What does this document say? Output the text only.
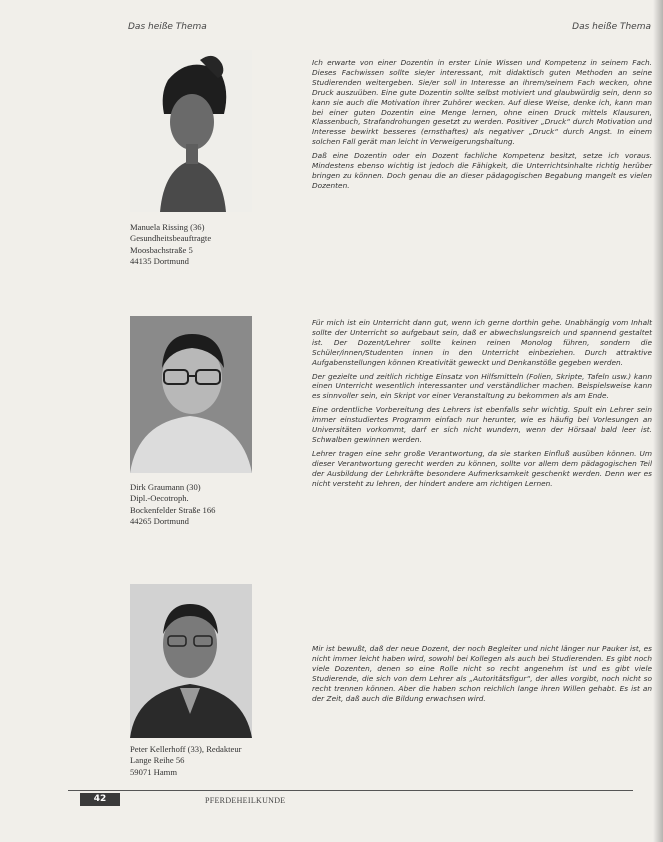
Das heiße Thema	Das heiße Thema
Manuela Rissing (36)
Gesundheitsbeauftragte
Moosbachstraße 5
44135 Dortmund

Ich erwarte von einer Dozentin in erster Linie Wissen und Kompetenz in seinem Fach. Dieses Fachwissen sollte sie/er interessant, mit didaktisch guten Methoden an seine Studierenden weitergeben. Sie/er soll in Interesse an ihrem/seinem Fach wecken, ohne Druck auszuüben. Eine gute Dozentin sollte selbst motiviert und glaubwürdig sein, denn so kann sie auch die Motivation ihrer Zuhörer wecken. Auf diese Weise, denke ich, kann man bei einer guten Dozentin eine Menge lernen, ohne einen Druck mittels Klausuren, Klassenbuch, Strafandrohungen gesetzt zu werden. Positiver „Druck“ durch Motivation und Interesse bewirkt besseres (ernsthaftes) als negativer „Druck“ durch Angst. In einem solchen Fall gerät man leicht in Verweigerungshaltung.

Daß eine Dozentin oder ein Dozent fachliche Kompetenz besitzt, setze ich voraus. Mindestens ebenso wichtig ist jedoch die Fähigkeit, die Unterrichtsinhalte richtig herüber bringen zu können. Doch genau die an dieser pädagogischen Begabung mangelt es vielen Dozenten.

Dirk Graumann (30)
Dipl.-Oecotroph.
Bockenfelder Straße 166
44265 Dortmund

Für mich ist ein Unterricht dann gut, wenn ich gerne dorthin gehe. Unabhängig vom Inhalt sollte der Unterricht so aufgebaut sein, daß er abwechslungsreich und spannend gestaltet ist. Der Dozent/Lehrer sollte keinen reinen Monolog führen, sondern die Schüler/innen/Studenten innen in den Unterricht einbeziehen. Durch attraktive Aufgabenstellungen können Kreativität geweckt und Denkanstöße gegeben werden.

Der gezielte und zeitlich richtige Einsatz von Hilfsmitteln (Folien, Skripte, Tafeln usw.) kann einen Unterricht wesentlich interessanter und verständlicher machen. Beispielsweise kann es sinnvoller sein, ein Skript vor einer Veranstaltung zu bekommen als am Ende.

Eine ordentliche Vorbereitung des Lehrers ist ebenfalls sehr wichtig. Spult ein Lehrer sein immer einstudiertes Programm einfach nur herunter, wie es häufig bei Vorlesungen an Universitäten vorkommt, darf er sich nicht wundern, wenn der Hörsaal bald leer ist. Schwalben gewinnen werden.

Lehrer tragen eine sehr große Verantwortung, da sie starken Einfluß ausüben können. Um dieser Verantwortung gerecht werden zu können, sollte vor allem dem pädagogischen Teil der Ausbildung der Lehrkräfte besondere Aufmerksamkeit geschenkt werden. Denn wer es nicht versteht zu lehren, der hindert andere am richtigen Lernen.

Peter Kellerhoff (33), Redakteur
Lange Reihe 56
59071 Hamm

Mir ist bewußt, daß der neue Dozent, der noch Begleiter und nicht länger nur Pauker ist, es nicht immer leicht haben wird, sowohl bei Kollegen als auch bei Studierenden. Es gibt noch viele Dozenten, denen so eine Rolle nicht so recht angenehm ist und es gibt viele Studierende, die sich von dem Lehrer als „Autoritätsfigur“, der alles vorgibt, noch nicht so recht trennen können. Aber die haben schon reichlich lange ihren Willen gehabt. Es ist an der Zeit, daß auch die Bildung erwachsen wird.

42	PFERDEHEILKUNDE
